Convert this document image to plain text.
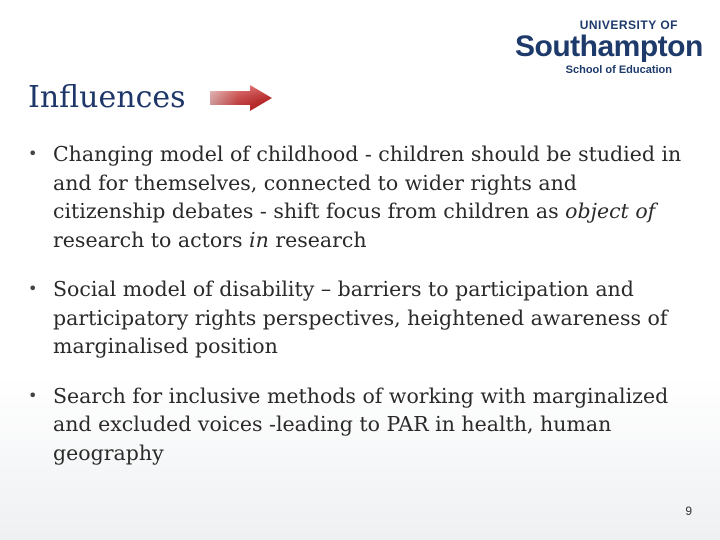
UNIVERSITY OF
Southampton
School of Education
Influences
• Changing model of childhood - children should be studied in and for themselves, connected to wider rights and citizenship debates - shift focus from children as object of research to actors in research
• Social model of disability – barriers to participation and participatory rights perspectives, heightened awareness of marginalised position
• Search for inclusive methods of working with marginalized and excluded voices -leading to PAR in health, human geography
9
